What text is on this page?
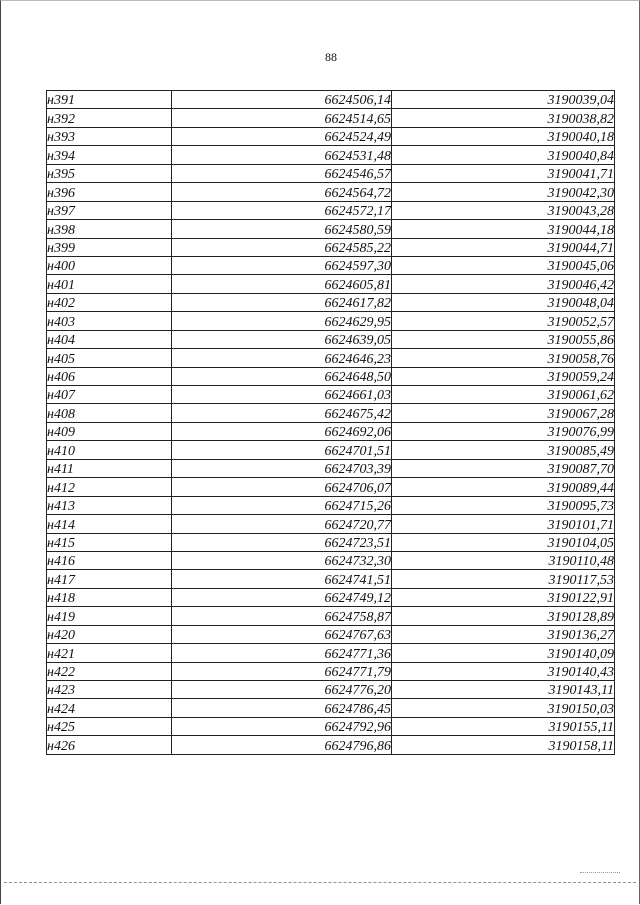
88
н391	6624506,14	3190039,04
н392	6624514,65	3190038,82
н393	6624524,49	3190040,18
н394	6624531,48	3190040,84
н395	6624546,57	3190041,71
н396	6624564,72	3190042,30
н397	6624572,17	3190043,28
н398	6624580,59	3190044,18
н399	6624585,22	3190044,71
н400	6624597,30	3190045,06
н401	6624605,81	3190046,42
н402	6624617,82	3190048,04
н403	6624629,95	3190052,57
н404	6624639,05	3190055,86
н405	6624646,23	3190058,76
н406	6624648,50	3190059,24
н407	6624661,03	3190061,62
н408	6624675,42	3190067,28
н409	6624692,06	3190076,99
н410	6624701,51	3190085,49
н411	6624703,39	3190087,70
н412	6624706,07	3190089,44
н413	6624715,26	3190095,73
н414	6624720,77	3190101,71
н415	6624723,51	3190104,05
н416	6624732,30	3190110,48
н417	6624741,51	3190117,53
н418	6624749,12	3190122,91
н419	6624758,87	3190128,89
н420	6624767,63	3190136,27
н421	6624771,36	3190140,09
н422	6624771,79	3190140,43
н423	6624776,20	3190143,11
н424	6624786,45	3190150,03
н425	6624792,96	3190155,11
н426	6624796,86	3190158,11
